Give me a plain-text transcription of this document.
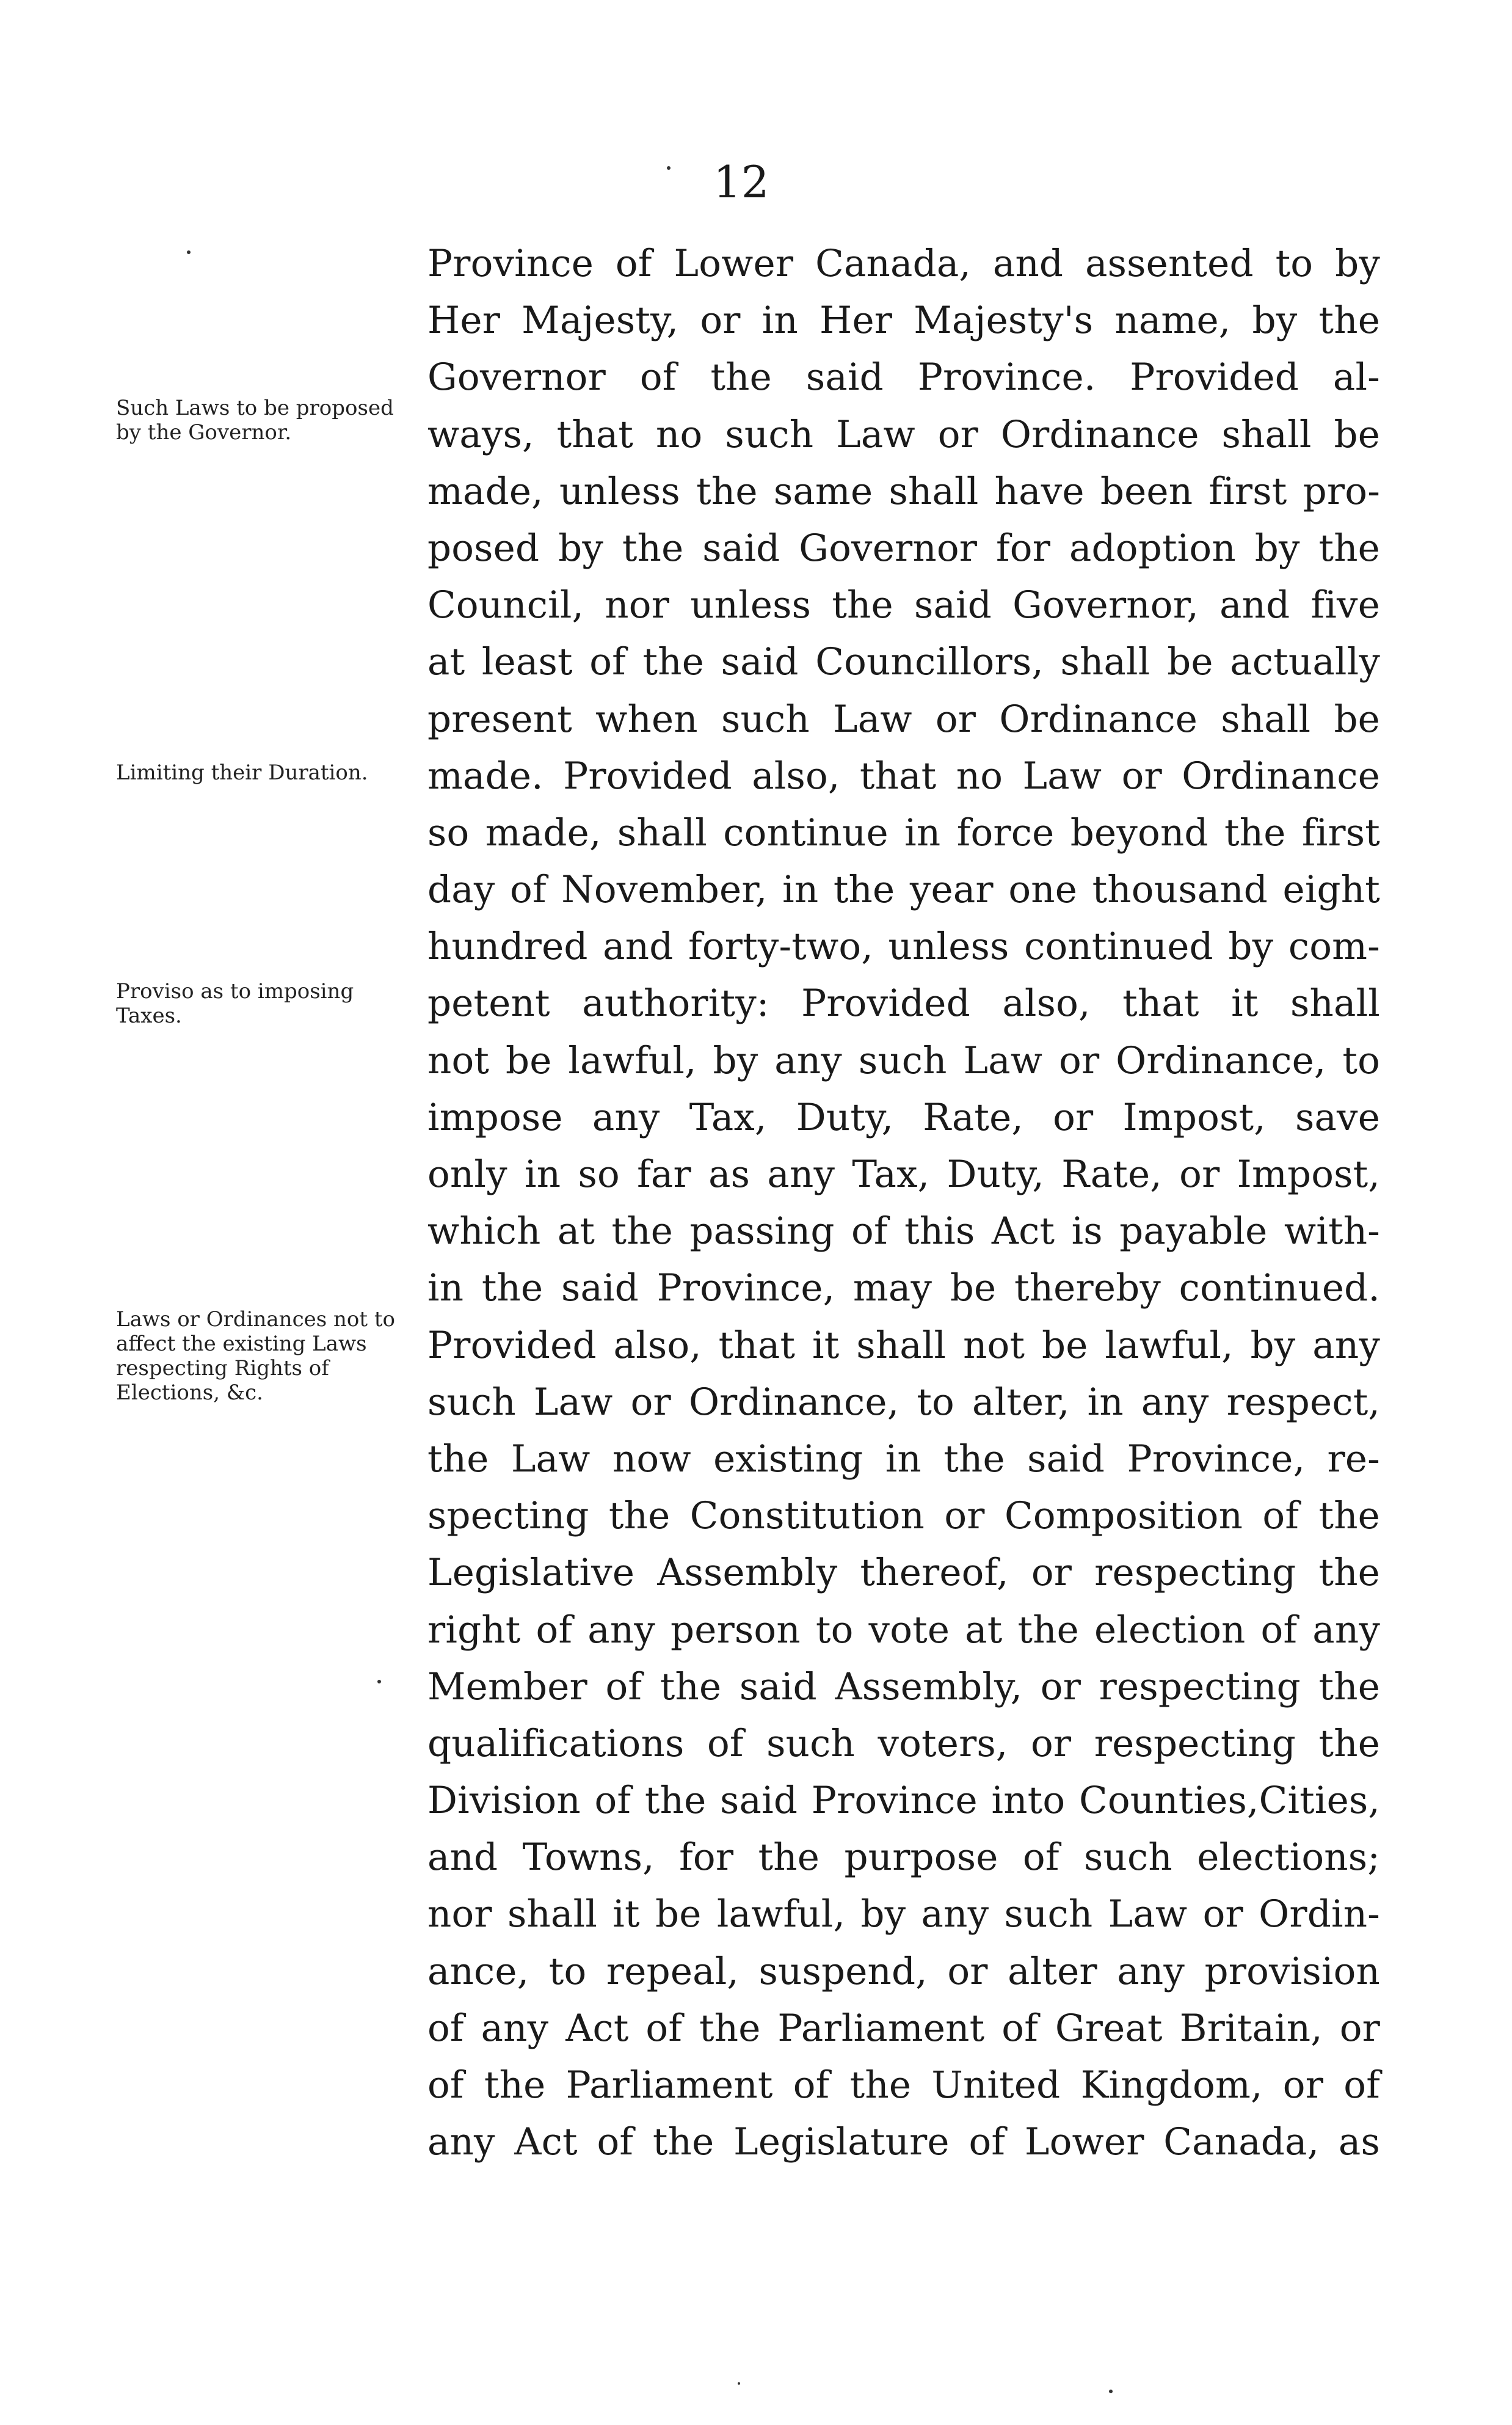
12
Such Laws to be proposed by the Governor.
Limiting their Duration.
Proviso as to imposing Taxes.
Laws or Ordinances not to affect the existing Laws respecting Rights of Elections, &c.
Province of Lower Canada, and assented to by
Her Majesty, or in Her Majesty's name, by the
Governor of the said Province. Provided al-
ways, that no such Law or Ordinance shall be
made, unless the same shall have been first pro-
posed by the said Governor for adoption by the
Council, nor unless the said Governor, and five
at least of the said Councillors, shall be actually
present when such Law or Ordinance shall be
made. Provided also, that no Law or Ordinance
so made, shall continue in force beyond the first
day of November, in the year one thousand eight
hundred and forty-two, unless continued by com-
petent authority: Provided also, that it shall
not be lawful, by any such Law or Ordinance, to
impose any Tax, Duty, Rate, or Impost, save
only in so far as any Tax, Duty, Rate, or Impost,
which at the passing of this Act is payable with-
in the said Province, may be thereby continued.
Provided also, that it shall not be lawful, by any
such Law or Ordinance, to alter, in any respect,
the Law now existing in the said Province, re-
specting the Constitution or Composition of the
Legislative Assembly thereof, or respecting the
right of any person to vote at the election of any
Member of the said Assembly, or respecting the
qualifications of such voters, or respecting the
Division of the said Province into Counties,Cities,
and Towns, for the purpose of such elections;
nor shall it be lawful, by any such Law or Ordin-
ance, to repeal, suspend, or alter any provision
of any Act of the Parliament of Great Britain, or
of the Parliament of the United Kingdom, or of
any Act of the Legislature of Lower Canada, as
